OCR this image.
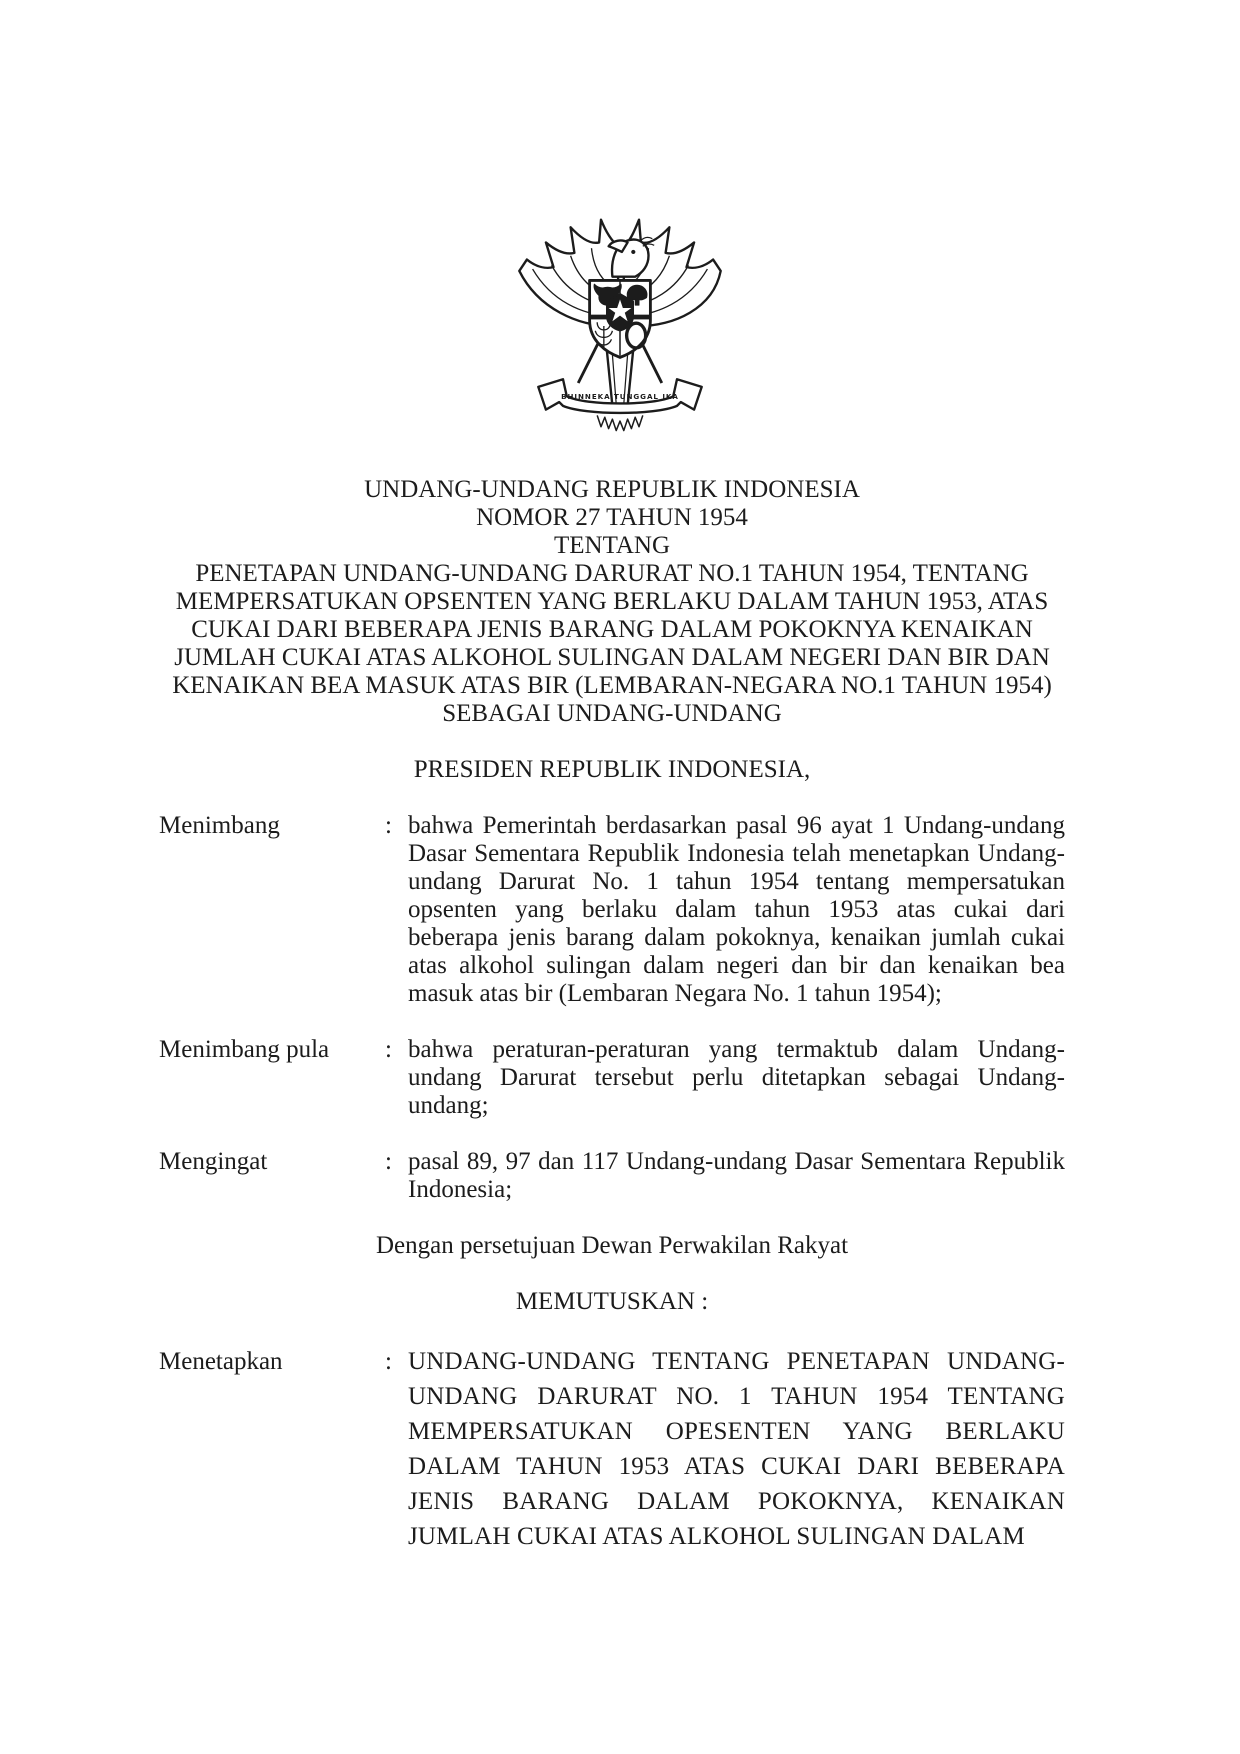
BHINNEKA TUNGGAL IKA
UNDANG-UNDANG REPUBLIK INDONESIA
NOMOR 27 TAHUN 1954
TENTANG
PENETAPAN UNDANG-UNDANG DARURAT NO.1 TAHUN 1954, TENTANG
MEMPERSATUKAN OPSENTEN YANG BERLAKU DALAM TAHUN 1953, ATAS
CUKAI DARI BEBERAPA JENIS BARANG DALAM POKOKNYA KENAIKAN
JUMLAH CUKAI ATAS ALKOHOL SULINGAN DALAM NEGERI DAN BIR DAN
KENAIKAN BEA MASUK ATAS BIR (LEMBARAN-NEGARA NO.1 TAHUN 1954)
SEBAGAI UNDANG-UNDANG
PRESIDEN REPUBLIK INDONESIA,
Menimbang	: bahwa Pemerintah berdasarkan pasal 96 ayat 1 Undang-undang Dasar Sementara Republik Indonesia telah menetapkan Undang-undang Darurat No. 1 tahun 1954 tentang mempersatukan opsenten yang berlaku dalam tahun 1953 atas cukai dari beberapa jenis barang dalam pokoknya, kenaikan jumlah cukai atas alkohol sulingan dalam negeri dan bir dan kenaikan bea masuk atas bir (Lembaran Negara No. 1 tahun 1954);
Menimbang pula	: bahwa peraturan-peraturan yang termaktub dalam Undang-undang Darurat tersebut perlu ditetapkan sebagai Undang-undang;
Mengingat	: pasal 89, 97 dan 117 Undang-undang Dasar Sementara Republik Indonesia;
Dengan persetujuan Dewan Perwakilan Rakyat
MEMUTUSKAN :
Menetapkan	: UNDANG-UNDANG TENTANG PENETAPAN UNDANG-UNDANG DARURAT NO. 1 TAHUN 1954 TENTANG MEMPERSATUKAN OPESENTEN YANG BERLAKU DALAM TAHUN 1953 ATAS CUKAI DARI BEBERAPA JENIS BARANG DALAM POKOKNYA, KENAIKAN JUMLAH CUKAI ATAS ALKOHOL SULINGAN DALAM
